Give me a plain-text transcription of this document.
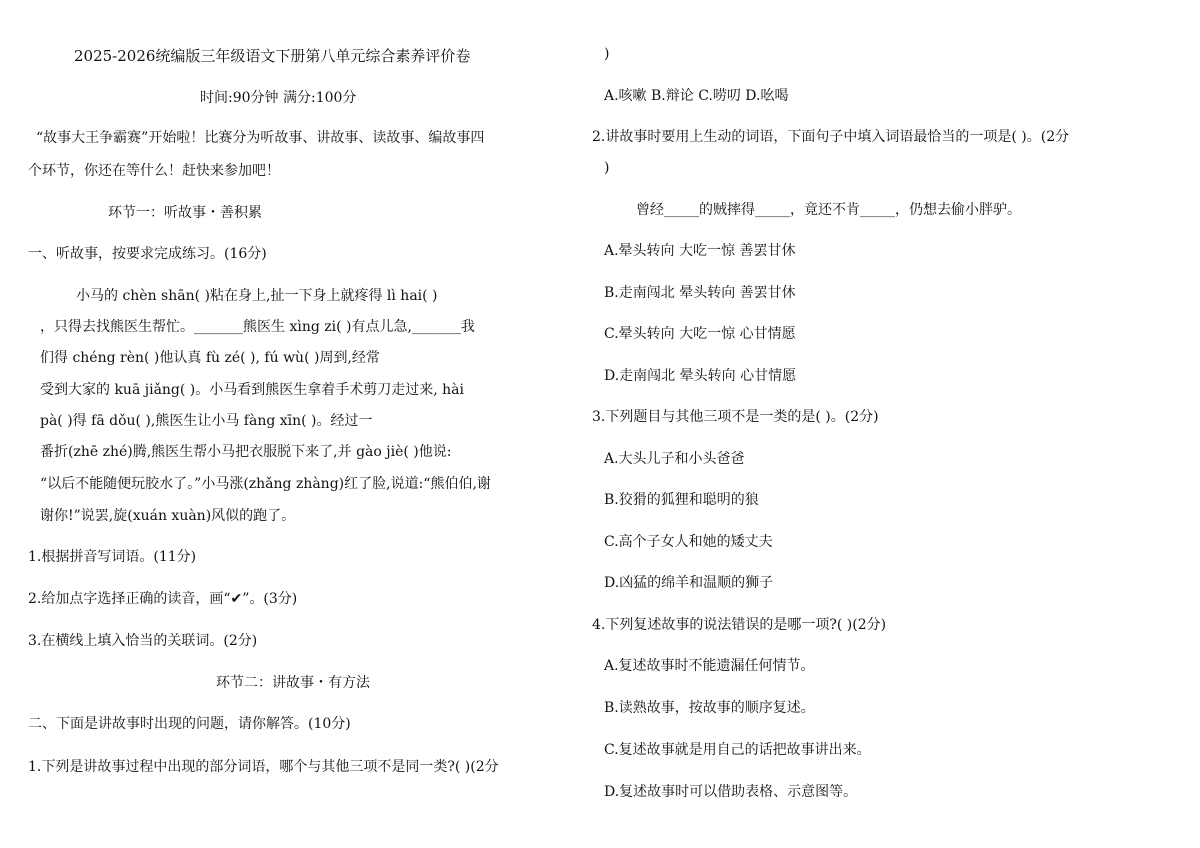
2025-2026统编版三年级语文下册第八单元综合素养评价卷
时间:90分钟 满分:100分
“故事大王争霸赛”开始啦！比赛分为听故事、讲故事、读故事、编故事四
个环节，你还在等什么！赶快来参加吧！
环节一：听故事・善积累
一、听故事，按要求完成练习。(16分)
小马的 chèn shān( )粘在身上,扯一下身上就疼得 lì hai( )
，只得去找熊医生帮忙。_______熊医生 xìng zi( )有点儿急,_______我
们得 chéng rèn( )他认真 fù zé( ), fú wù( )周到,经常
受到大家的 kuā jiǎng( )。小马看到熊医生拿着手术剪刀走过来, hài
pà( )得 fā dǒu( ),熊医生让小马 fàng xīn( )。经过一
番折(zhē zhé)腾,熊医生帮小马把衣服脱下来了,并 gào jiè( )他说:
“以后不能随便玩胶水了。”小马涨(zhǎng zhàng)红了脸,说道:“熊伯伯,谢
谢你!”说罢,旋(xuán xuàn)风似的跑了。
1.根据拼音写词语。(11分)
2.给加点字选择正确的读音，画“✔”。(3分)
3.在横线上填入恰当的关联词。(2分)
环节二：讲故事・有方法
二、下面是讲故事时出现的问题，请你解答。(10分)
1.下列是讲故事过程中出现的部分词语，哪个与其他三项不是同一类?( )(2分
)
A.咳嗽 B.辩论 C.唠叨 D.吆喝
2.讲故事时要用上生动的词语，下面句子中填入词语最恰当的一项是( )。(2分
)
曾经_____的贼摔得_____，竟还不肯_____，仍想去偷小胖驴。
A.晕头转向 大吃一惊 善罢甘休
B.走南闯北 晕头转向 善罢甘休
C.晕头转向 大吃一惊 心甘情愿
D.走南闯北 晕头转向 心甘情愿
3.下列题目与其他三项不是一类的是( )。(2分)
A.大头儿子和小头爸爸
B.狡猾的狐狸和聪明的狼
C.高个子女人和她的矮丈夫
D.凶猛的绵羊和温顺的狮子
4.下列复述故事的说法错误的是哪一项?( )(2分)
A.复述故事时不能遗漏任何情节。
B.读熟故事，按故事的顺序复述。
C.复述故事就是用自己的话把故事讲出来。
D.复述故事时可以借助表格、示意图等。
